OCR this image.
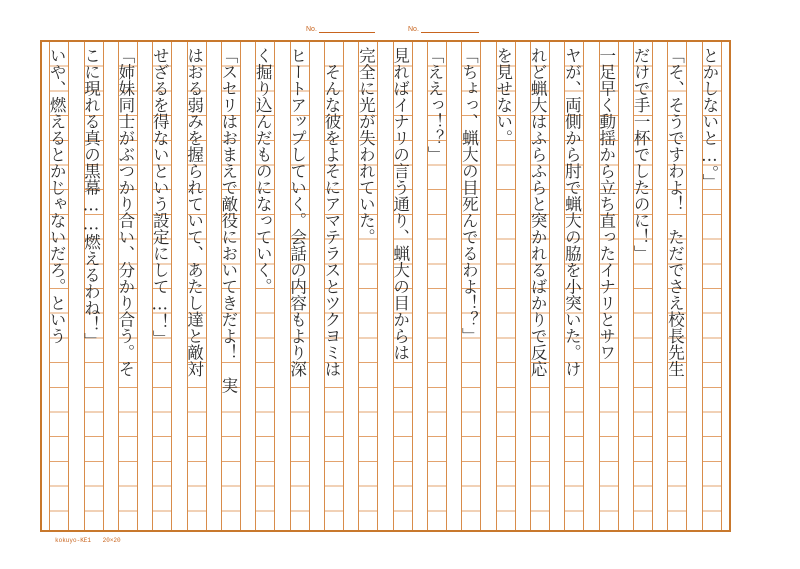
No.	No.
とかしないと…。」
「そ、そうですわよ！　ただでさえ校長先生
だけで手一杯でしたのに！」
一足早く動揺から立ち直ったイナリとサワ
ヤが、両側から肘で蝋大の脇を小突いた。け
れど蝋大はふらふらと突かれるばかりで反応
を見せない。
「ちょっ、蝋大の目死んでるわよ！？」
「ええっ！？」
見ればイナリの言う通り、蝋大の目からは
完全に光が失われていた。
　そんな彼をよそにアマテラスとツクヨミは
ヒートアップしていく。会話の内容もより深
く掘り込んだものになっていく。
「スセリはおまえで敵役においてきだよ！　実
はおる弱みを握られていて、あたし達と敵対
せざるを得ないという設定にして…！」
「姉妹同士がぶつかり合い、分かり合う。そ
こに現れる真の黒幕……燃えるわね！」
いや、燃えるとかじゃないだろ。という
kokuyo-KE1 20×20
